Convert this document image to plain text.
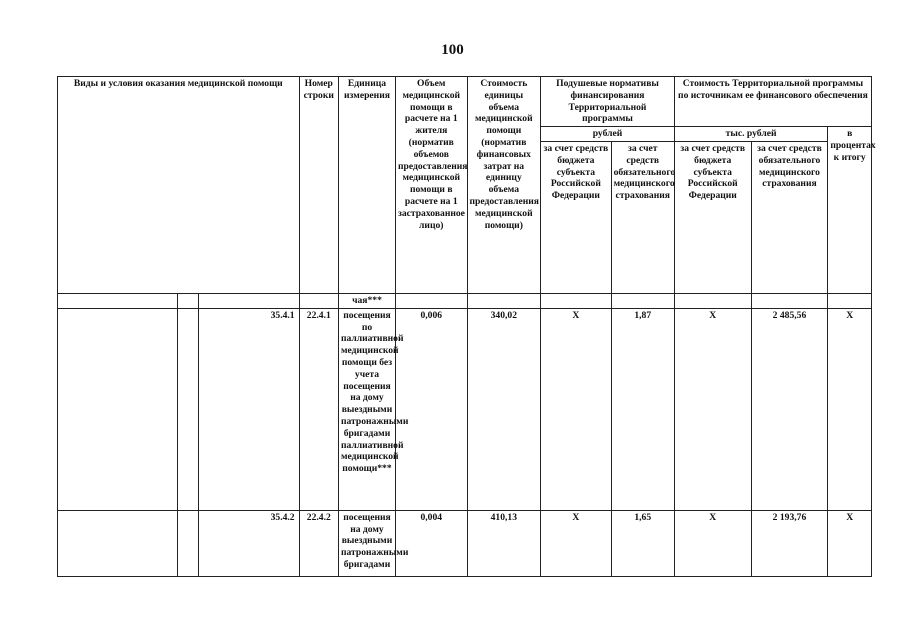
100
Виды и условия оказания медицинской помощи			Номер строки	Единица измерения	Объем медицинской помощи в расчете на 1 жителя (норматив объемов предоставления медицинской помощи в расчете на 1 застрахованное лицо)	Стоимость единицы объема медицинской помощи (норматив финансовых затрат на единицу объема предоставления медицинской помощи)	Подушевые нормативы финансирования Территориальной программы		Стоимость Территориальной программы по источникам ее финансового обеспечения		
							рублей		тыс. рублей		в процентах к итогу
							за счет средств бюджета субъекта Российской Федерации	за счет средств обязательного медицинского страхования	за счет средств бюджета субъекта Российской Федерации	за счет средств обязательного медицинского страхования	
				чая***							
		35.4.1	22.4.1	посещения по паллиативной медицинской помощи без учета посещения на дому выездными патронажными бригадами паллиативной медицинской помощи***	0,006	340,02	X	1,87	X	2 485,56	X
		35.4.2	22.4.2	посещения на дому выездными патронажными бригадами	0,004	410,13	X	1,65	X	2 193,76	X
